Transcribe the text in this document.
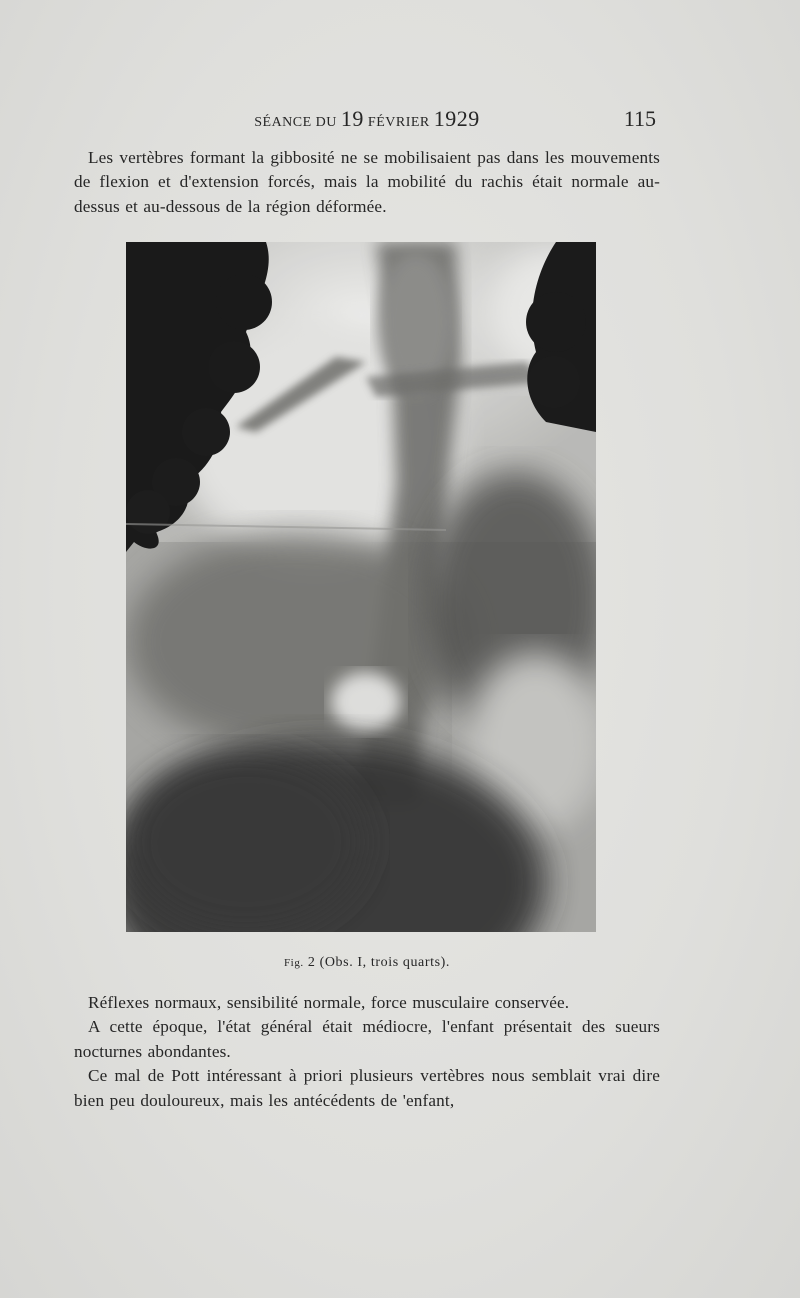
SÉANCE DU 19 FÉVRIER 1929	115

Les vertèbres formant la gibbosité ne se mobilisaient pas dans les mouvements de flexion et d'extension forcés, mais la mobilité du rachis était normale au-dessus et au-dessous de la région déformée.

Fig. 2 (Obs. I, trois quarts).

Réflexes normaux, sensibilité normale, force musculaire conservée.

A cette époque, l'état général était médiocre, l'enfant présentait des sueurs nocturnes abondantes.

Ce mal de Pott intéressant à priori plusieurs vertèbres nous semblait vrai dire bien peu douloureux, mais les antécédents de 'enfant,
